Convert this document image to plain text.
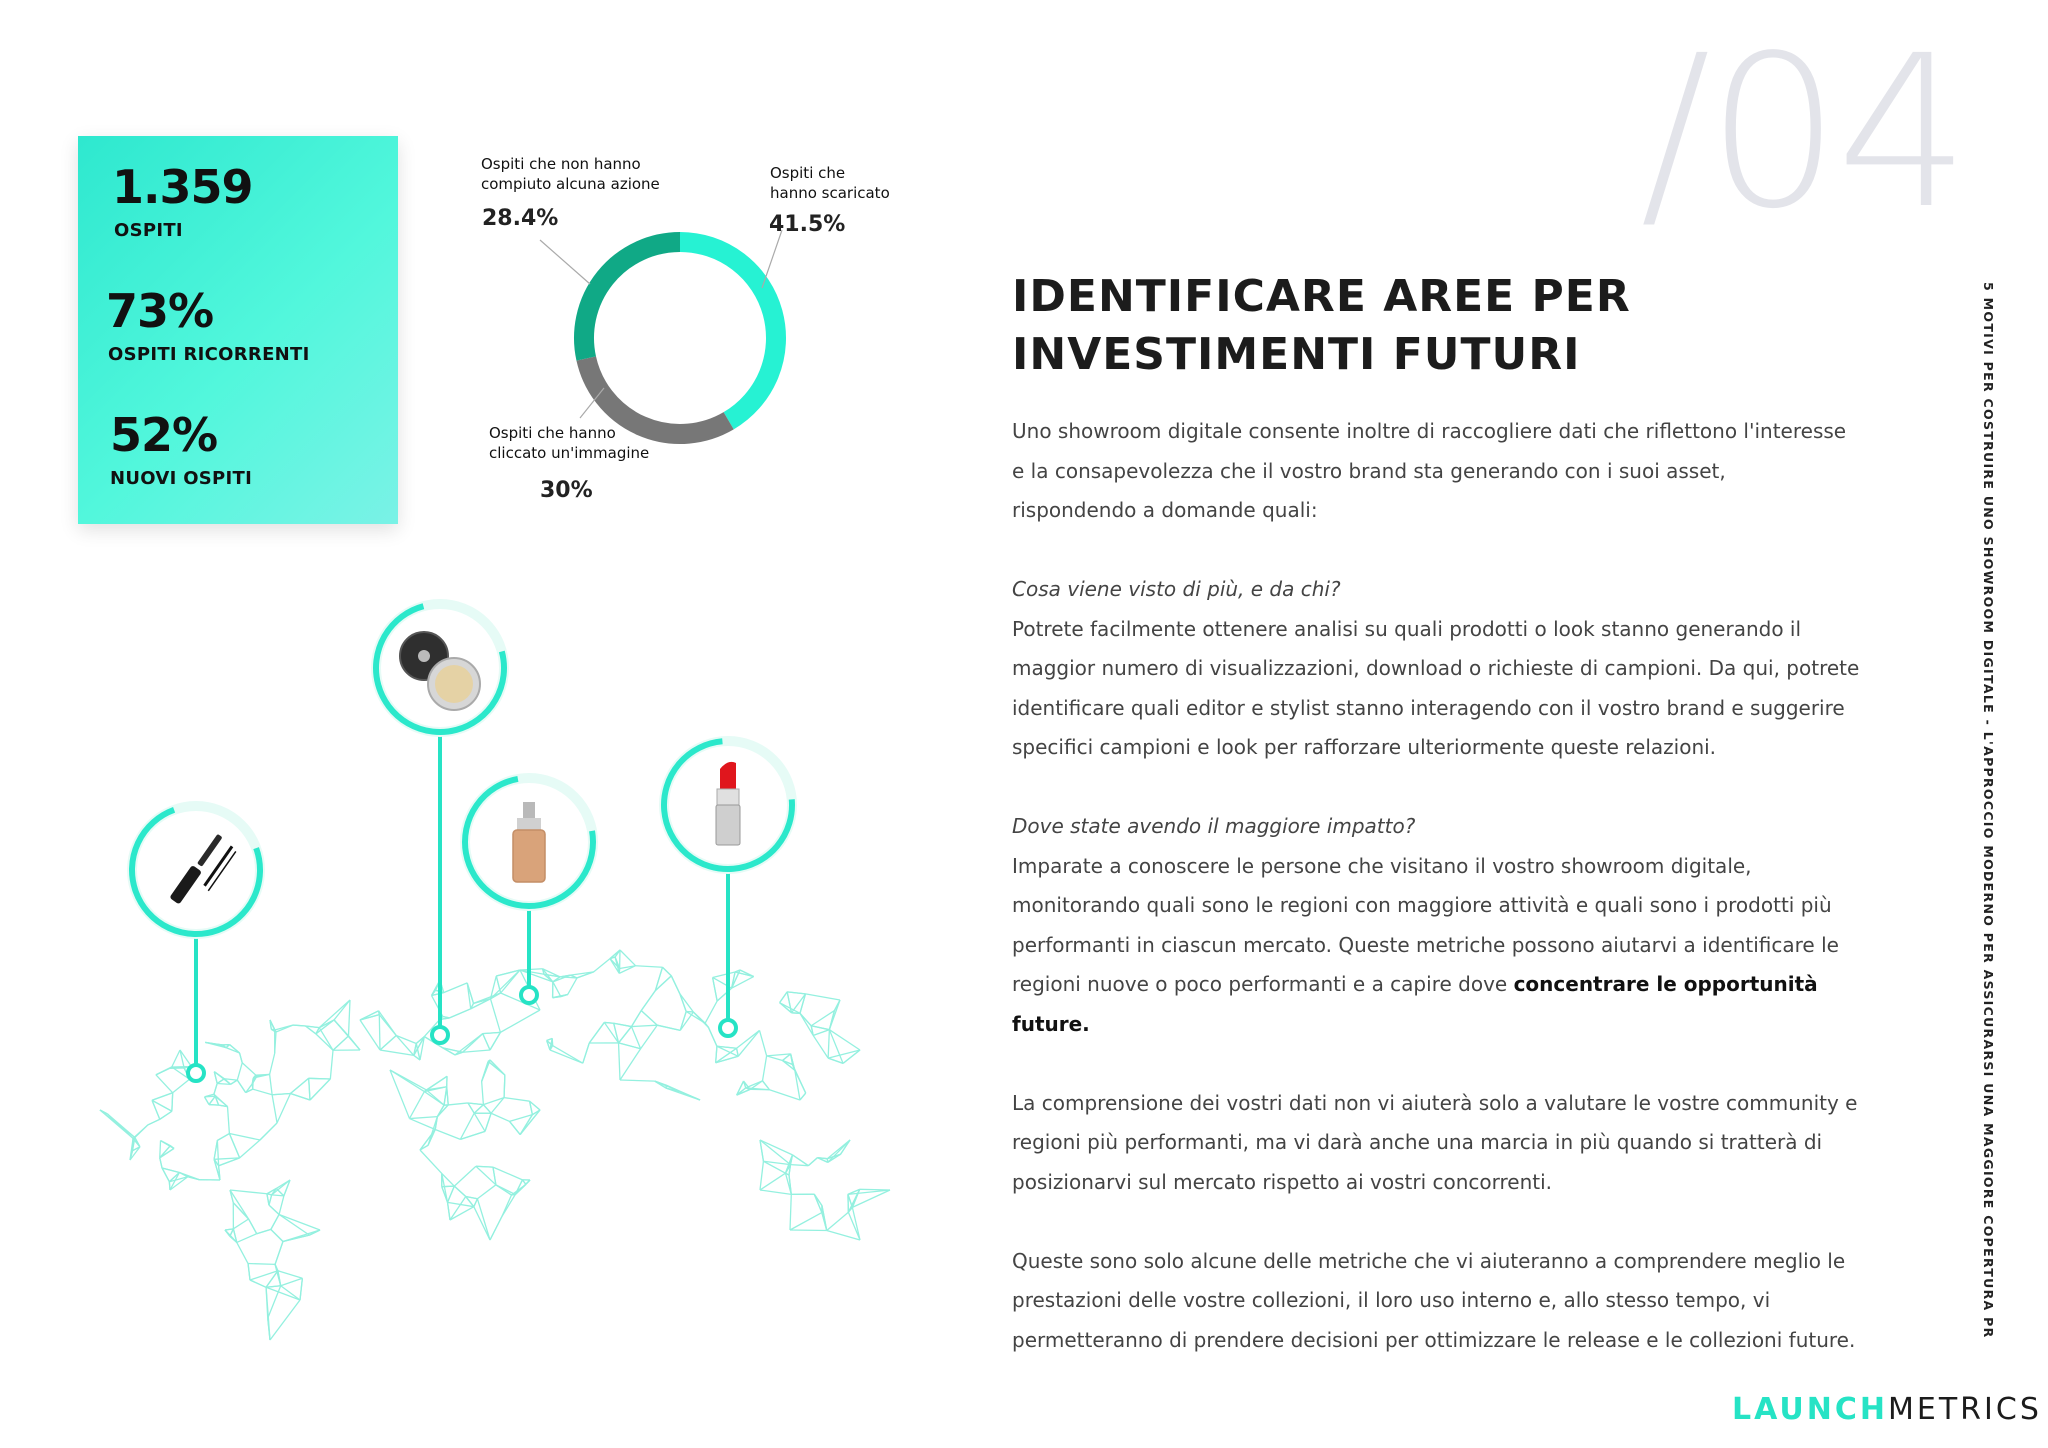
1.359
OSPITI
73%
OSPITI RICORRENTI
52%
NUOVI OSPITI
Ospiti che non hanno
compiuto alcuna azione
28.4%
Ospiti che
hanno scaricato
41.5%
Ospiti che hanno
cliccato un'immagine
30%
/04
IDENTIFICARE AREE PER
INVESTIMENTI FUTURI

Uno showroom digitale consente inoltre di raccogliere dati che riflettono l'interesse

e la consapevolezza che il vostro brand sta generando con i suoi asset,

rispondendo a domande quali:

Cosa viene visto di più, e da chi?

Potrete facilmente ottenere analisi su quali prodotti o look stanno generando il

maggior numero di visualizzazioni, download o richieste di campioni. Da qui, potrete

identificare quali editor e stylist stanno interagendo con il vostro brand e suggerire

specifici campioni e look per rafforzare ulteriormente queste relazioni.

Dove state avendo il maggiore impatto?

Imparate a conoscere le persone che visitano il vostro showroom digitale,

monitorando quali sono le regioni con maggiore attività e quali sono i prodotti più

performanti in ciascun mercato. Queste metriche possono aiutarvi a identificare le

regioni nuove o poco performanti e a capire dove concentrare le opportunità

future.

La comprensione dei vostri dati non vi aiuterà solo a valutare le vostre community e

regioni più performanti, ma vi darà anche una marcia in più quando si tratterà di

posizionarvi sul mercato rispetto ai vostri concorrenti.

Queste sono solo alcune delle metriche che vi aiuteranno a comprendere meglio le

prestazioni delle vostre collezioni, il loro uso interno e, allo stesso tempo, vi

permetteranno di prendere decisioni per ottimizzare le release e le collezioni future.

5 MOTIVI PER COSTRUIRE UNO SHOWROOM DIGITALE - L'APPROCCIO MODERNO PER ASSICURARSI UNA MAGGIORE COPERTURA PR
LAUNCHMETRICS
